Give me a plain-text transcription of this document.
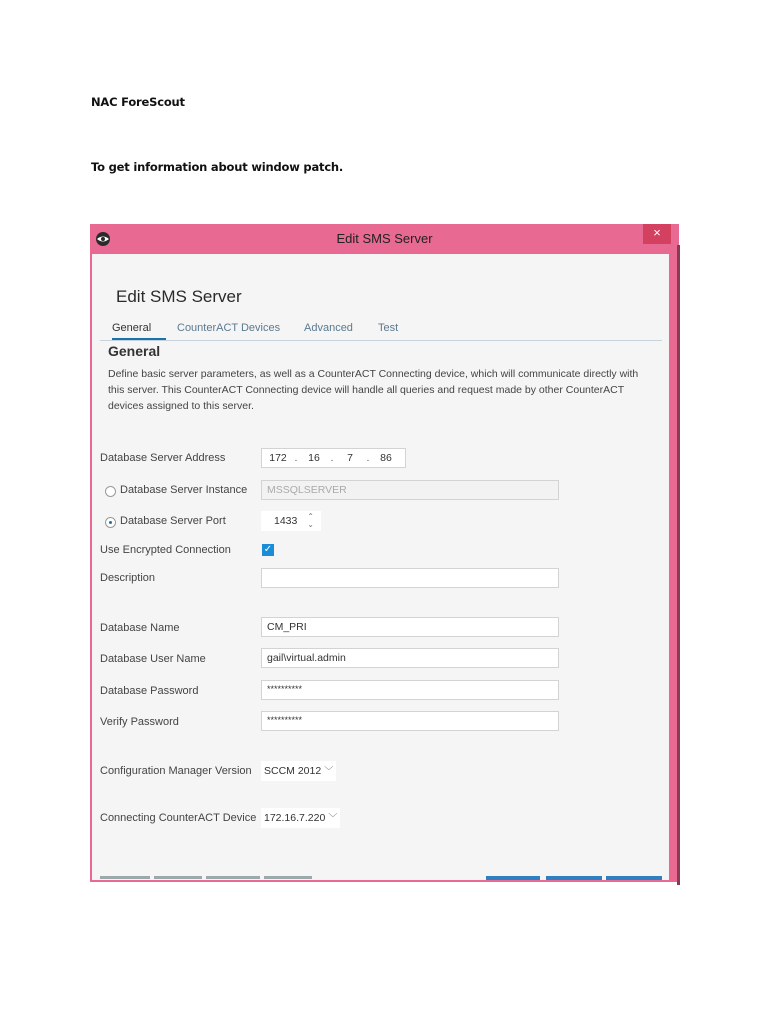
NAC ForeScout
To get information about window patch.
Edit SMS Server	×
Edit SMS Server
General CounterACT Devices Advanced Test
General
Define basic server parameters, as well as a CounterACT Connecting device, which will communicate directly with this server. This CounterACT Connecting device will handle all queries and request made by other CounterACT devices assigned to this server.
Database Server Address	172 . 16 . 7 . 86
Database Server Instance	MSSQLSERVER
Database Server Port	1433 ⌃
⌄
Use Encrypted Connection	✓
Description
Database Name	CM_PRI
Database User Name	gail\virtual.admin
Database Password	**********
Verify Password	**********
Configuration Manager Version SCCM 2012 ﹀
Connecting CounterACT Device 172.16.7.220 ﹀
